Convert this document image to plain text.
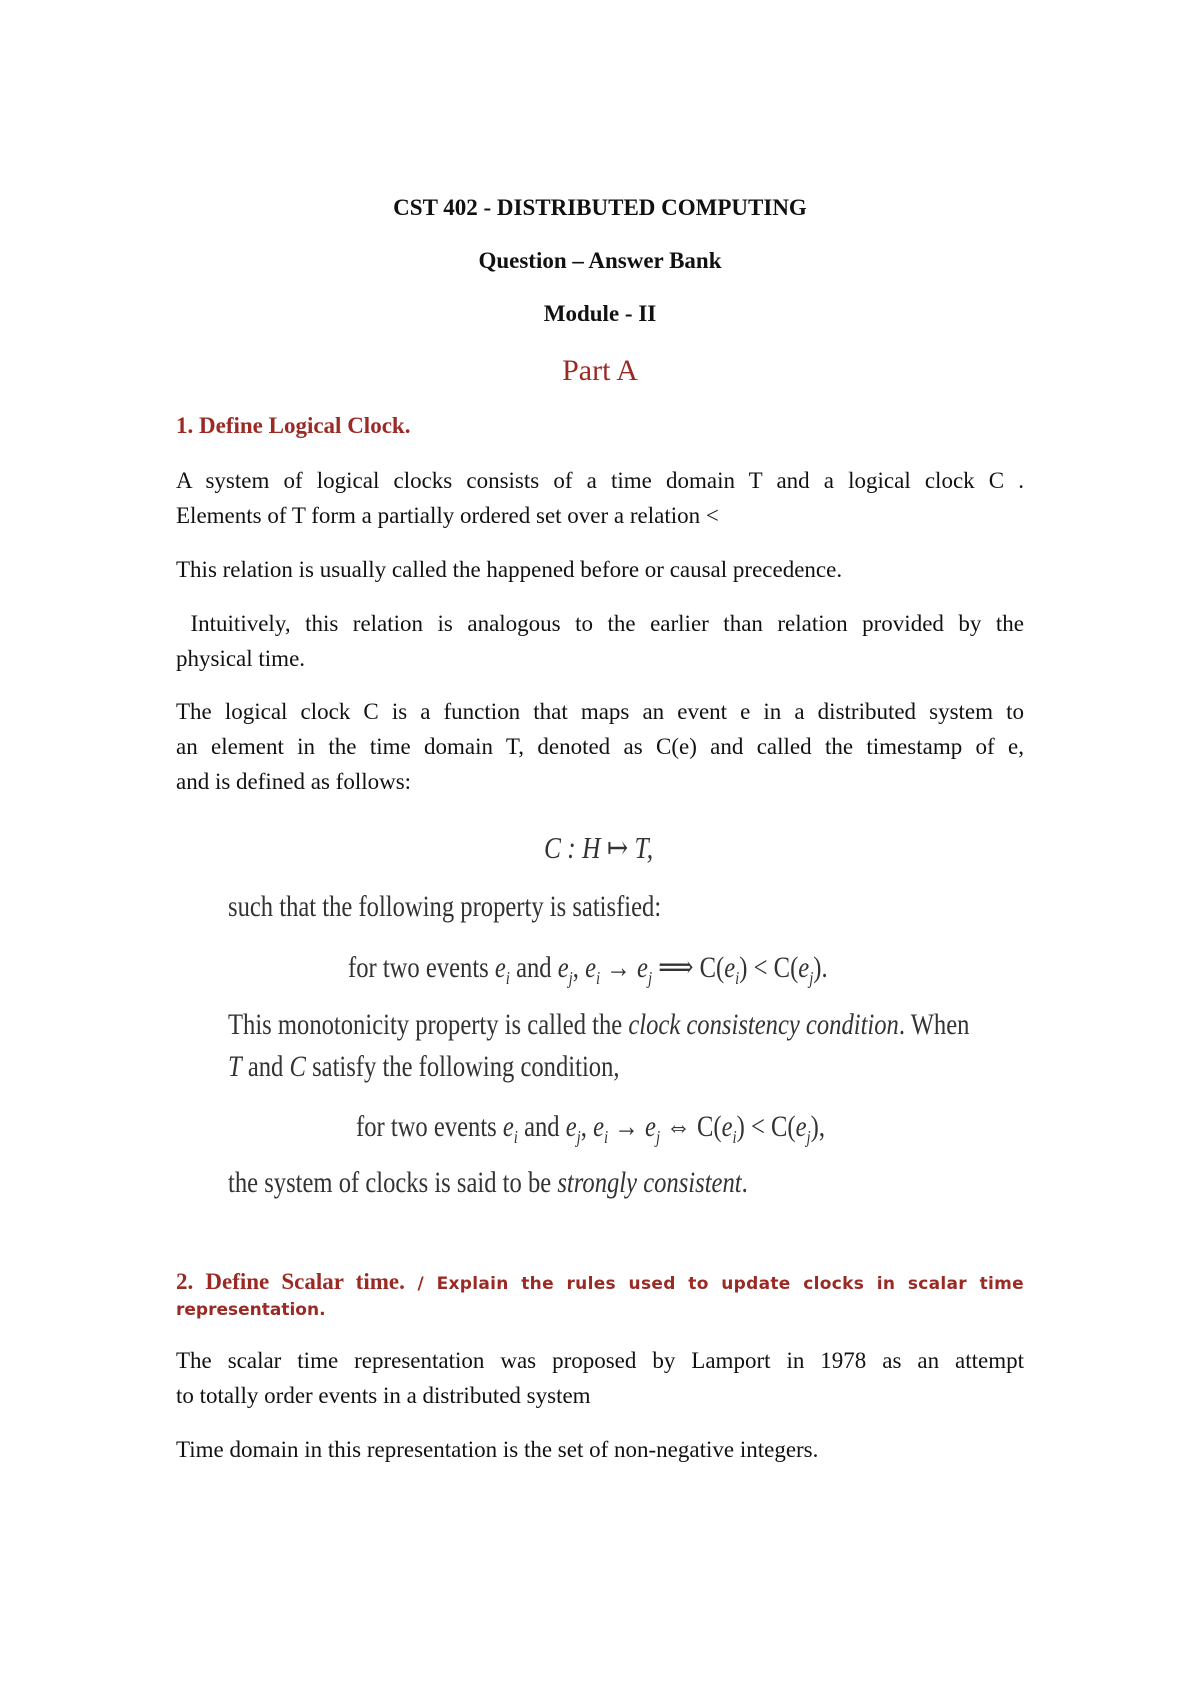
CST 402 - DISTRIBUTED COMPUTING
Question – Answer Bank
Module - II
Part A
1. Define Logical Clock.
A system of logical clocks consists of a time domain T and a logical clock C .
Elements of T form a partially ordered set over a relation <
This relation is usually called the happened before or causal precedence.
Intuitively, this relation is analogous to the earlier than relation provided by the
physical time.
The logical clock C is a function that maps an event e in a distributed system to
an element in the time domain T, denoted as C(e) and called the timestamp of e,
and is defined as follows:
C : H ↦ T,
such that the following property is satisfied:
for two events $e_i$ and $e_j$, $e_i \to e_j$ ⟹ $C(e_i) < C(e_j)$.
This monotonicity property is called the clock consistency condition. When
T and C satisfy the following condition,
for two events $e_i$ and $e_j$, $e_i \to e_j$ ⇔ $C(e_i) < C(e_j)$,
the system of clocks is said to be strongly consistent.
2. Define Scalar time. / Explain the rules used to update clocks in scalar time
representation.
The scalar time representation was proposed by Lamport in 1978 as an attempt
to totally order events in a distributed system
Time domain in this representation is the set of non-negative integers.
